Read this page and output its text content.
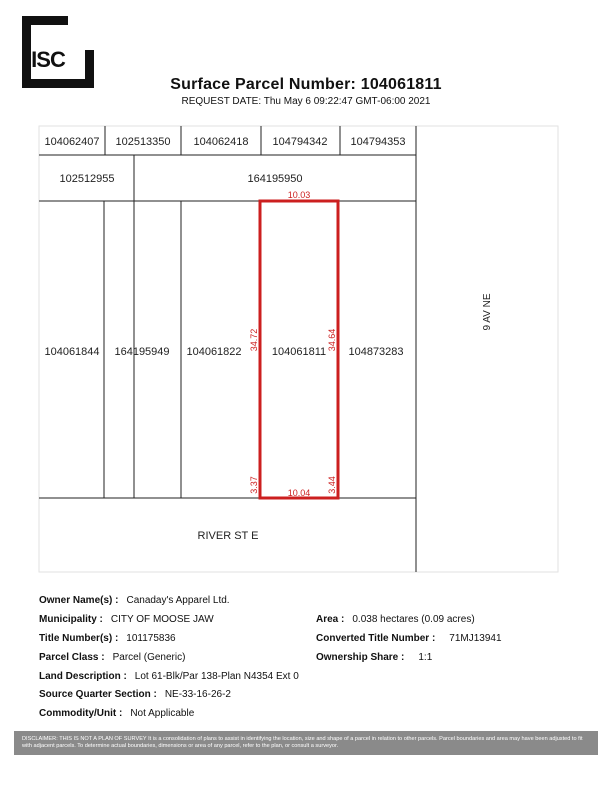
ISC
Surface Parcel Number: 104061811
REQUEST DATE: Thu May 6 09:22:47 GMT-06:00 2021
104062407 102513350 104062418 104794342 104794353
102512955	164195950
104061844 164195949 104061822	104061811 104873283
RIVER ST E
9 AV NE
10.03
10.04
34.72	34.64
3.37	3.44
Owner Name(s) : Canaday's Apparel Ltd.
Municipality : CITY OF MOOSE JAW
Title Number(s) : 101175836
Parcel Class : Parcel (Generic)
Land Description : Lot 61-Blk/Par 138-Plan N4354 Ext 0
Source Quarter Section : NE-33-16-26-2
Commodity/Unit : Not Applicable
Area : 0.038 hectares (0.09 acres)
Converted Title Number : 71MJ13941
Ownership Share : 1:1
DISCLAIMER: THIS IS NOT A PLAN OF SURVEY It is a consolidation of plans to assist in identifying the location, size and shape of a parcel in relation to other parcels. Parcel boundaries and area may have been adjusted to fit with adjacent parcels. To determine actual boundaries, dimensions or area of any parcel, refer to the plan, or consult a surveyor.
